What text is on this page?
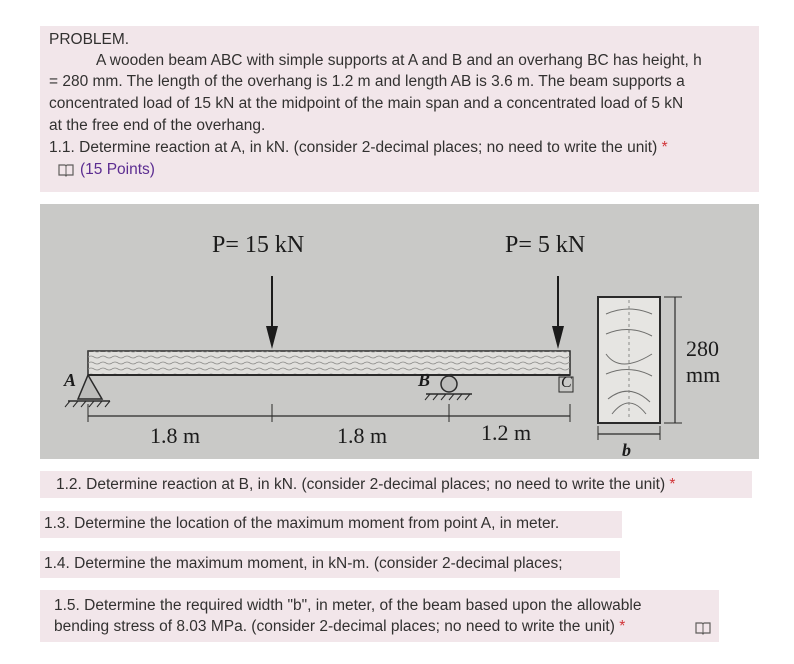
PROBLEM.
A wooden beam ABC with simple supports at A and B and an overhang BC has height, h
= 280 mm. The length of the overhang is 1.2 m and length AB is 3.6 m. The beam supports a
concentrated load of 15 kN at the midpoint of the main span and a concentrated load of 5 kN
at the free end of the overhang.
1.1. Determine reaction at A, in kN. (consider 2-decimal places; no need to write the unit) *
(15 Points)
P= 15 kN	P= 5 kN
A	B	C
1.8 m	1.8 m	1.2 m
280
mm
b
1.2. Determine reaction at B, in kN. (consider 2-decimal places; no need to write the unit) *
1.3. Determine the location of the maximum moment from point A, in meter.
1.4. Determine the maximum moment, in kN-m. (consider 2-decimal places;
1.5. Determine the required width "b", in meter, of the beam based upon the allowable
bending stress of 8.03 MPa. (consider 2-decimal places; no need to write the unit) *
